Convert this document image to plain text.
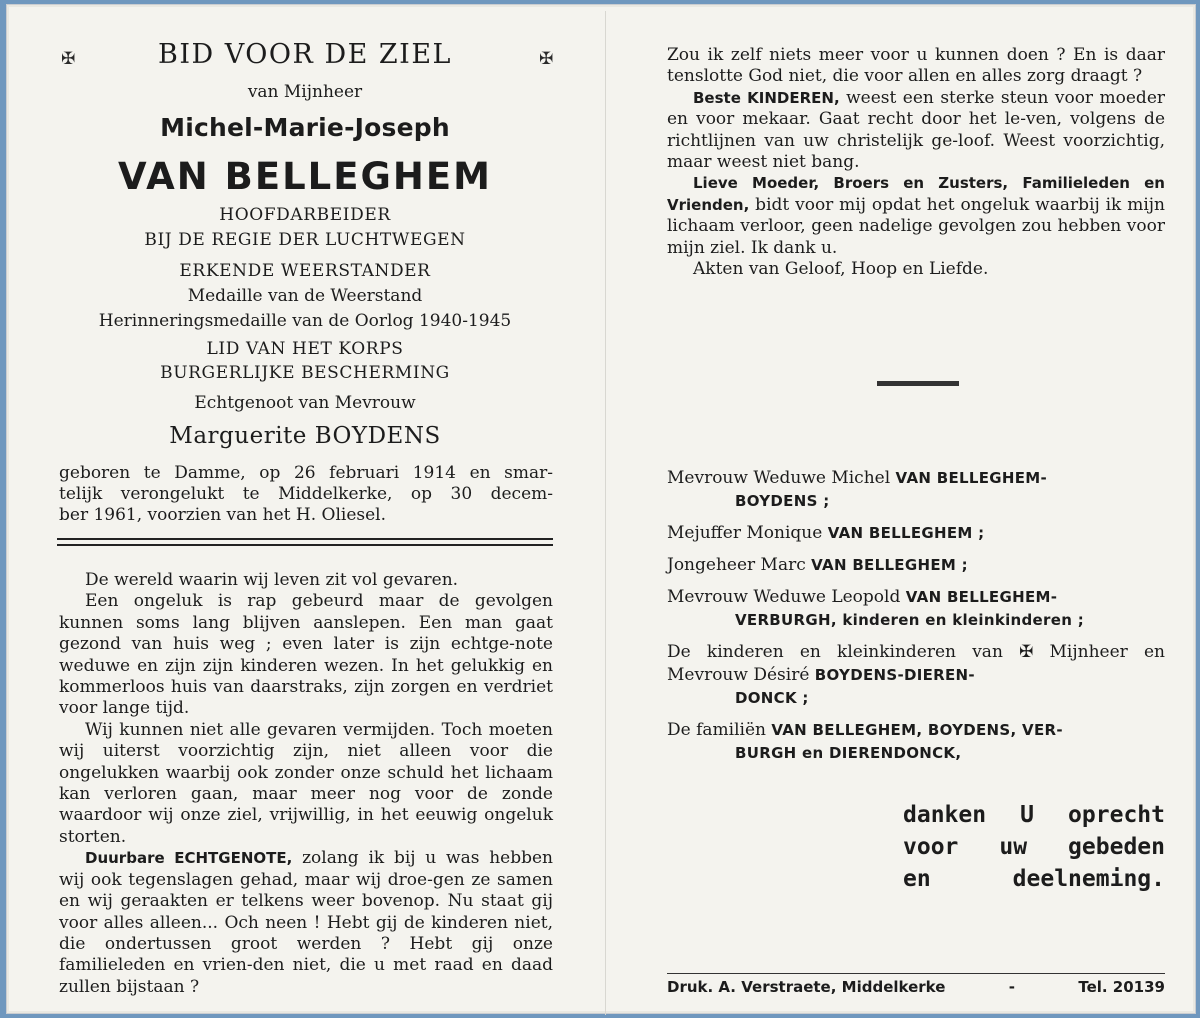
✠	✠
BID VOOR DE ZIEL
van Mijnheer
Michel-Marie-Joseph
VAN BELLEGHEM
HOOFDARBEIDER
BIJ DE REGIE DER LUCHTWEGEN
ERKENDE WEERSTANDER
Medaille van de Weerstand
Herinneringsmedaille van de Oorlog 1940-1945
LID VAN HET KORPS
BURGERLIJKE BESCHERMING
Echtgenoot van Mevrouw
Marguerite BOYDENS
geboren te Damme, op 26 februari 1914 en smar-
telijk verongelukt te Middelkerke, op 30 decem-
ber 1961, voorzien van het H. Oliesel.

De wereld waarin wij leven zit vol gevaren.

Een ongeluk is rap gebeurd maar de gevolgen kunnen soms lang blijven aanslepen. Een man gaat gezond van huis weg ; even later is zijn echtge-note weduwe en zijn zijn kinderen wezen. In het gelukkig en kommerloos huis van daarstraks, zijn zorgen en verdriet voor lange tijd.

Wij kunnen niet alle gevaren vermijden. Toch moeten wij uiterst voorzichtig zijn, niet alleen voor die ongelukken waarbij ook zonder onze schuld het lichaam kan verloren gaan, maar meer nog voor de zonde waardoor wij onze ziel, vrijwillig, in het eeuwig ongeluk storten.

Duurbare ECHTGENOTE, zolang ik bij u was hebben wij ook tegenslagen gehad, maar wij droe-gen ze samen en wij geraakten er telkens weer bovenop. Nu staat gij voor alles alleen... Och neen ! Hebt gij de kinderen niet, die ondertussen groot werden ? Hebt gij onze familieleden en vrien-den niet, die u met raad en daad zullen bijstaan ?

Zou ik zelf niets meer voor u kunnen doen ? En is daar tenslotte God niet, die voor allen en alles zorg draagt ?

Beste KINDEREN, weest een sterke steun voor moeder en voor mekaar. Gaat recht door het le-ven, volgens de richtlijnen van uw christelijk ge-loof. Weest voorzichtig, maar weest niet bang.

Lieve Moeder, Broers en Zusters, Familieleden en Vrienden, bidt voor mij opdat het ongeluk waarbij ik mijn lichaam verloor, geen nadelige gevolgen zou hebben voor mijn ziel. Ik dank u.

Akten van Geloof, Hoop en Liefde.

Mevrouw Weduwe Michel VAN BELLEGHEM-
BOYDENS ;

Mejuffer Monique VAN BELLEGHEM ;

Jongeheer Marc VAN BELLEGHEM ;

Mevrouw Weduwe Leopold VAN BELLEGHEM-
VERBURGH, kinderen en kleinkinderen ;

De kinderen en kleinkinderen van ✠ Mijnheer en Mevrouw Désiré BOYDENS-DIEREN-
DONCK ;

De familiën VAN BELLEGHEM, BOYDENS, VER-
BURGH en DIERENDONCK,

danken U oprecht
voor uw gebeden
en deelneming.
Druk. A. Verstraete, Middelkerke	-	Tel. 20139
